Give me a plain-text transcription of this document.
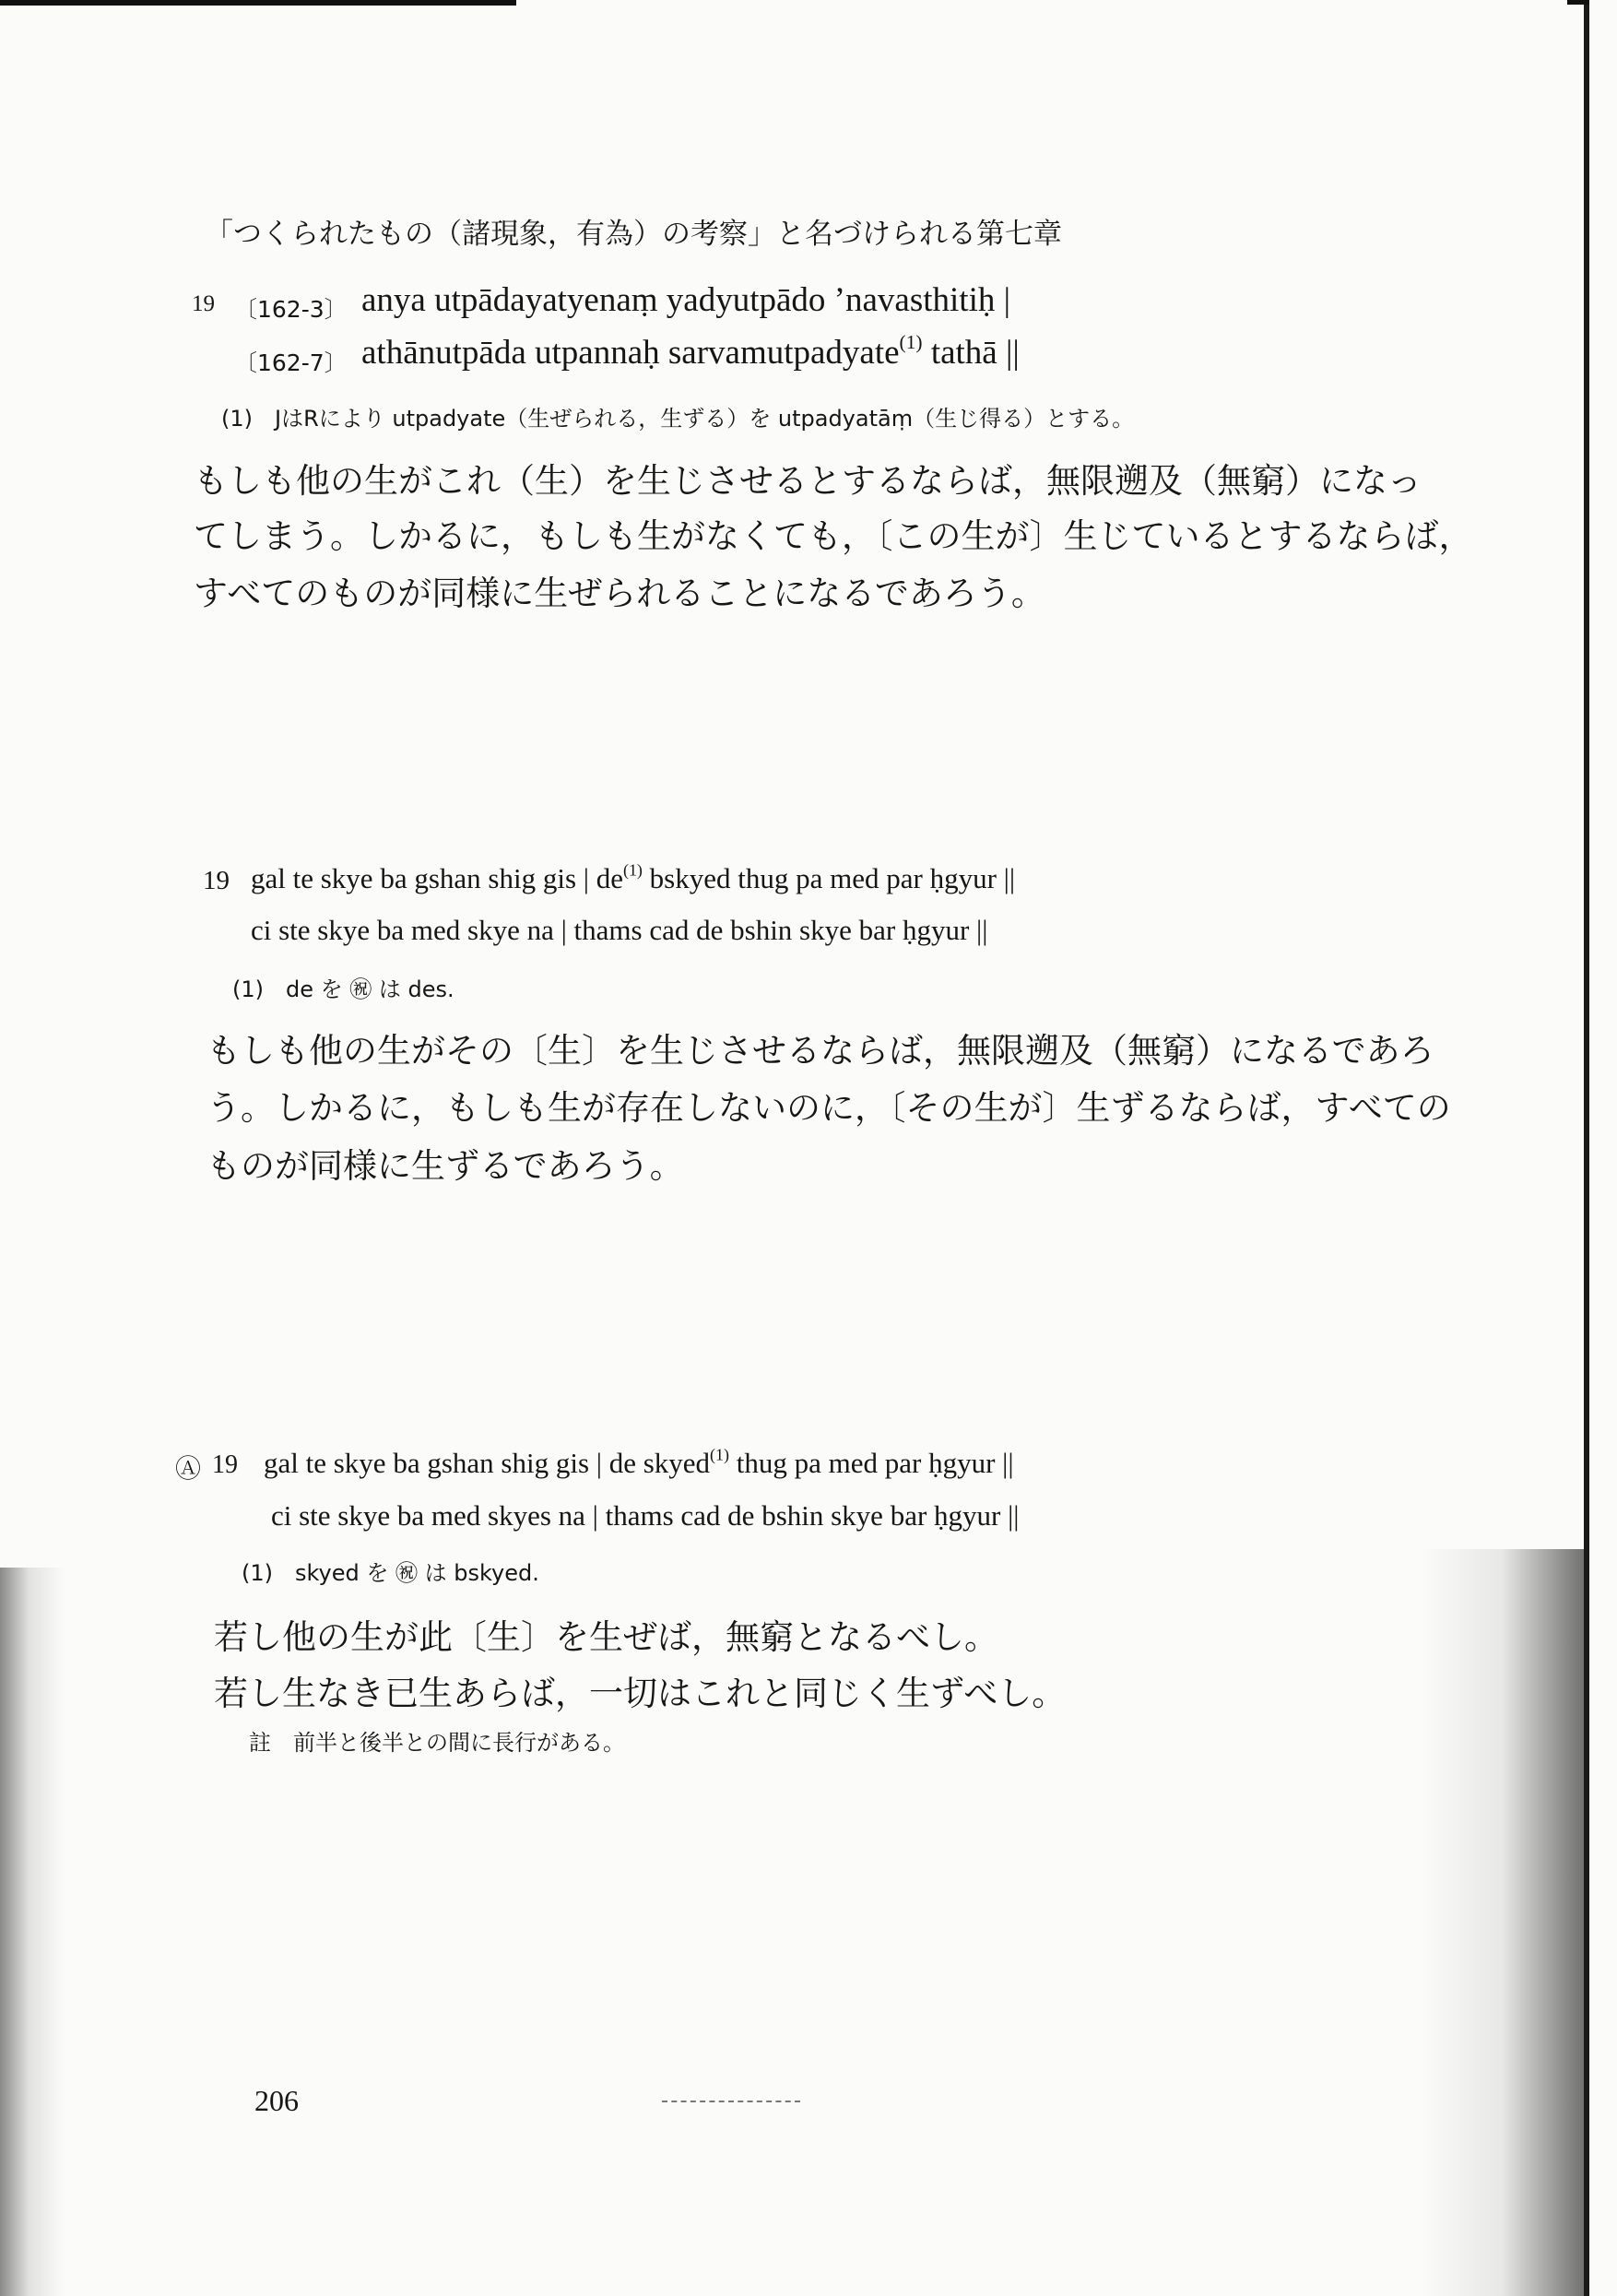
「つくられたもの（諸現象，有為）の考察」と名づけられる第七章
19 〔162-3〕 anya utpādayatyenaṃ yadyutpādo ’navasthitiḥ |
〔162-7〕 athānutpāda utpannaḥ sarvamutpadyate$^{(1)}$ tathā ||
(1)　JはRにより utpadyate（生ぜられる，生ずる）を utpadyatāṃ（生じ得る）とする。
もしも他の生がこれ（生）を生じさせるとするならば，無限遡及（無窮）になっ
てしまう。しかるに，もしも生がなくても，〔この生が〕生じているとするならば，
すべてのものが同様に生ぜられることになるであろう。
19 gal te skye ba gshan shig gis | $de^{(1)}$ bskyed thug pa med par ḥgyur ||
ci ste skye ba med skye na | thams cad de bshin skye bar ḥgyur ||
(1)　de を ㊗ は des.
もしも他の生がその〔生〕を生じさせるならば，無限遡及（無窮）になるであろ
う。しかるに，もしも生が存在しないのに，〔その生が〕生ずるならば，すべての
ものが同様に生ずるであろう。
Ⓐ 19 gal te skye ba gshan shig gis | de skyed$^{(1)}$ thug pa med par ḥgyur ||
ci ste skye ba med skyes na | thams cad de bshin skye bar ḥgyur ||
(1)　skyed を ㊗ は bskyed.
若し他の生が此〔生〕を生ぜば，無窮となるべし。
若し生なき已生あらば，一切はこれと同じく生ずべし。
註　前半と後半との間に長行がある。
206
